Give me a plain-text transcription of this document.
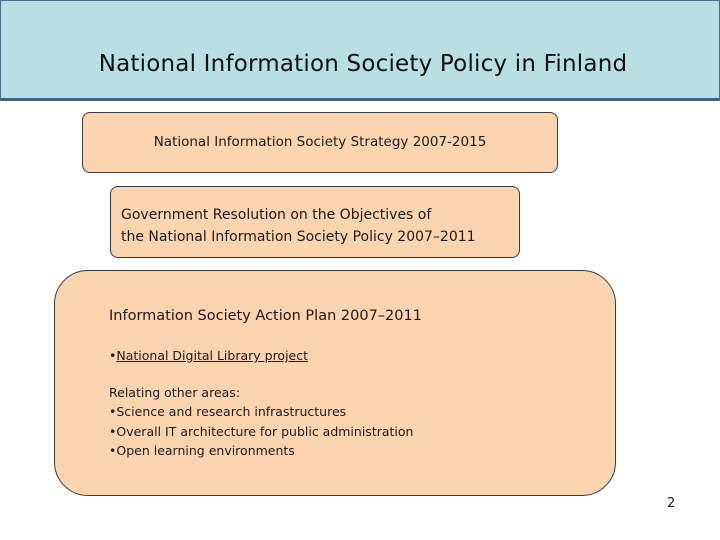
National Information Society Policy in Finland
National Information Society Strategy 2007-2015
Government Resolution on the Objectives of
the National Information Society Policy 2007–2011
Information Society Action Plan 2007–2011
•National Digital Library project
Relating other areas:
•Science and research infrastructures
•Overall IT architecture for public administration
•Open learning environments
2
